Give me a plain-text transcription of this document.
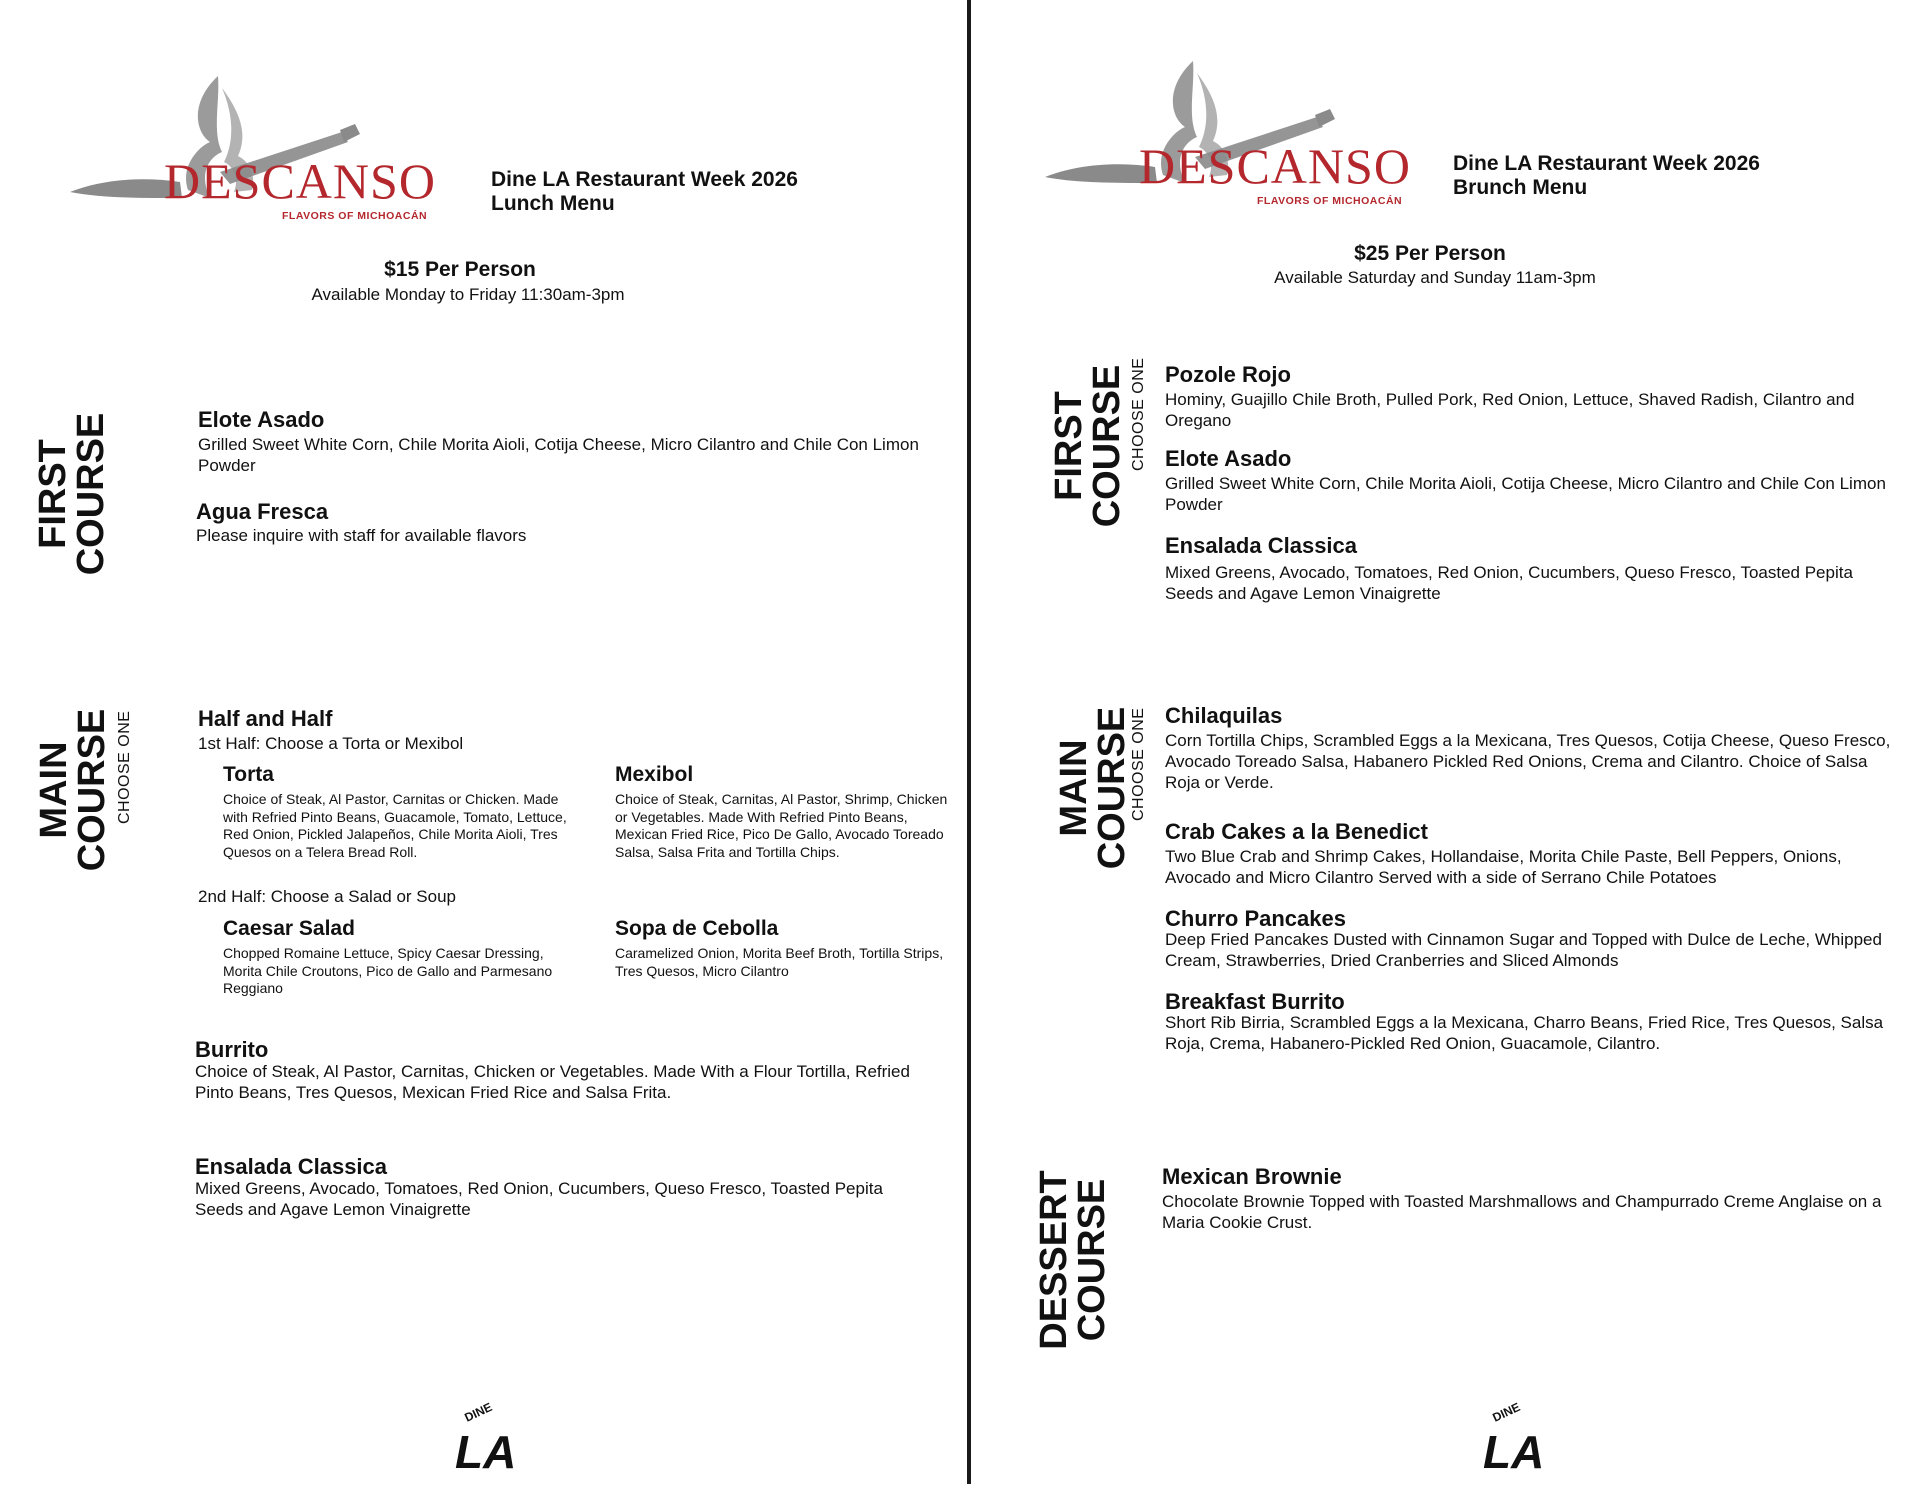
DESCANSO
FLAVORS OF MICHOACÁN
Dine LA Restaurant Week 2026
Lunch Menu
$15 Per Person
Available Monday to Friday 11:30am-3pm
FIRST
COURSE	Elote Asado
Grilled Sweet White Corn, Chile Morita Aioli, Cotija Cheese, Micro Cilantro and Chile Con Limon Powder
Agua Fresca
Please inquire with staff for available flavors
MAIN
COURSE CHOOSE ONE	Half and Half
1st Half: Choose a Torta or Mexibol
Torta
Choice of Steak, Al Pastor, Carnitas or Chicken. Made with Refried Pinto Beans, Guacamole, Tomato, Lettuce, Red Onion, Pickled Jalapeños, Chile Morita Aioli, Tres Quesos on a Telera Bread Roll.
Mexibol
Choice of Steak, Carnitas, Al Pastor, Shrimp, Chicken or Vegetables. Made With Refried Pinto Beans, Mexican Fried Rice, Pico De Gallo, Avocado Toreado Salsa, Salsa Frita and Tortilla Chips.
2nd Half: Choose a Salad or Soup
Caesar Salad
Chopped Romaine Lettuce, Spicy Caesar Dressing, Morita Chile Croutons, Pico de Gallo and Parmesano Reggiano
Sopa de Cebolla
Caramelized Onion, Morita Beef Broth, Tortilla Strips, Tres Quesos, Micro Cilantro
Burrito
Choice of Steak, Al Pastor, Carnitas, Chicken or Vegetables. Made With a Flour Tortilla, Refried Pinto Beans, Tres Quesos, Mexican Fried Rice and Salsa Frita.
Ensalada Classica
Mixed Greens, Avocado, Tomatoes, Red Onion, Cucumbers, Queso Fresco, Toasted Pepita Seeds and Agave Lemon Vinaigrette
DINE
LA
DESCANSO
FLAVORS OF MICHOACÁN
Dine LA Restaurant Week 2026
Brunch Menu
$25 Per Person
Available Saturday and Sunday 11am-3pm
FIRST
COURSE CHOOSE ONE Pozole Rojo
Hominy, Guajillo Chile Broth, Pulled Pork, Red Onion, Lettuce, Shaved Radish, Cilantro and Oregano
Elote Asado
Grilled Sweet White Corn, Chile Morita Aioli, Cotija Cheese, Micro Cilantro and Chile Con Limon Powder
Ensalada Classica
Mixed Greens, Avocado, Tomatoes, Red Onion, Cucumbers, Queso Fresco, Toasted Pepita Seeds and Agave Lemon Vinaigrette
MAIN
COURSE
CHOOSE ONE Chilaquilas
Corn Tortilla Chips, Scrambled Eggs a la Mexicana, Tres Quesos, Cotija Cheese, Queso Fresco, Avocado Toreado Salsa, Habanero Pickled Red Onions, Crema and Cilantro. Choice of Salsa Roja or Verde.
Crab Cakes a la Benedict
Two Blue Crab and Shrimp Cakes, Hollandaise, Morita Chile Paste, Bell Peppers, Onions, Avocado and Micro Cilantro Served with a side of Serrano Chile Potatoes
Churro Pancakes
Deep Fried Pancakes Dusted with Cinnamon Sugar and Topped with Dulce de Leche, Whipped Cream, Strawberries, Dried Cranberries and Sliced Almonds
Breakfast Burrito
Short Rib Birria, Scrambled Eggs a la Mexicana, Charro Beans, Fried Rice, Tres Quesos, Salsa Roja, Crema, Habanero-Pickled Red Onion, Guacamole, Cilantro.
DESSERT
COURSE
Mexican Brownie
Chocolate Brownie Topped with Toasted Marshmallows and Champurrado Creme Anglaise on a Maria Cookie Crust.
DINE
LA
